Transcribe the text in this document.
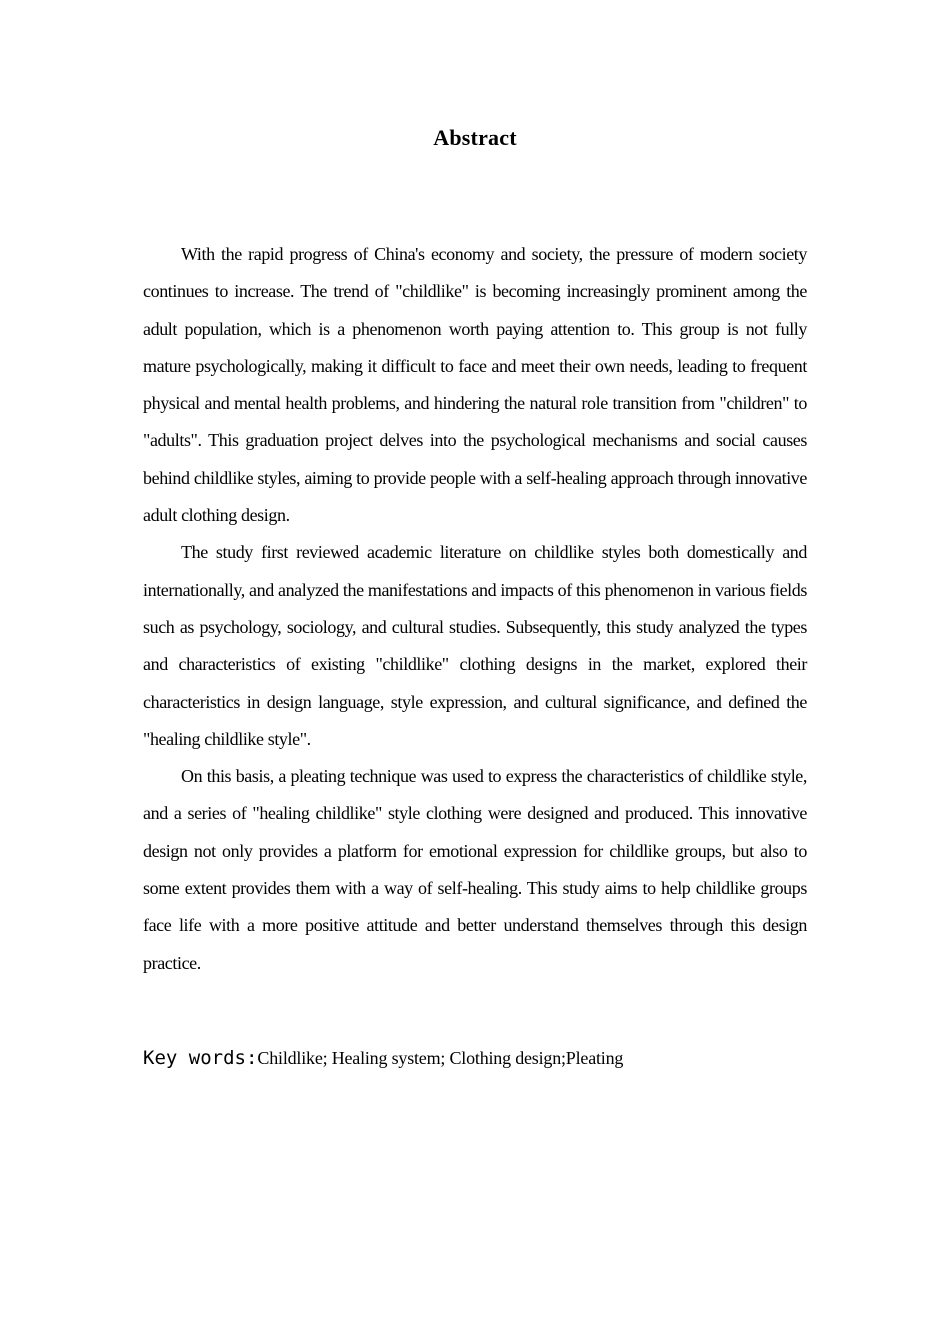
Abstract

With the rapid progress of China's economy and society, the pressure of modern society continues to increase. The trend of "childlike" is becoming increasingly prominent among the adult population, which is a phenomenon worth paying attention to. This group is not fully mature psychologically, making it difficult to face and meet their own needs, leading to frequent physical and mental health problems, and hindering the natural role transition from "children" to "adults". This graduation project delves into the psychological mechanisms and social causes behind childlike styles, aiming to provide people with a self-healing approach through innovative adult clothing design.

The study first reviewed academic literature on childlike styles both domestically and internationally, and analyzed the manifestations and impacts of this phenomenon in various fields such as psychology, sociology, and cultural studies. Subsequently, this study analyzed the types and characteristics of existing "childlike" clothing designs in the market, explored their characteristics in design language, style expression, and cultural significance, and defined the "healing childlike style".

On this basis, a pleating technique was used to express the characteristics of childlike style, and a series of "healing childlike" style clothing were designed and produced. This innovative design not only provides a platform for emotional expression for childlike groups, but also to some extent provides them with a way of self-healing. This study aims to help childlike groups face life with a more positive attitude and better understand themselves through this design practice.

Key words:Childlike; Healing system; Clothing design;Pleating
